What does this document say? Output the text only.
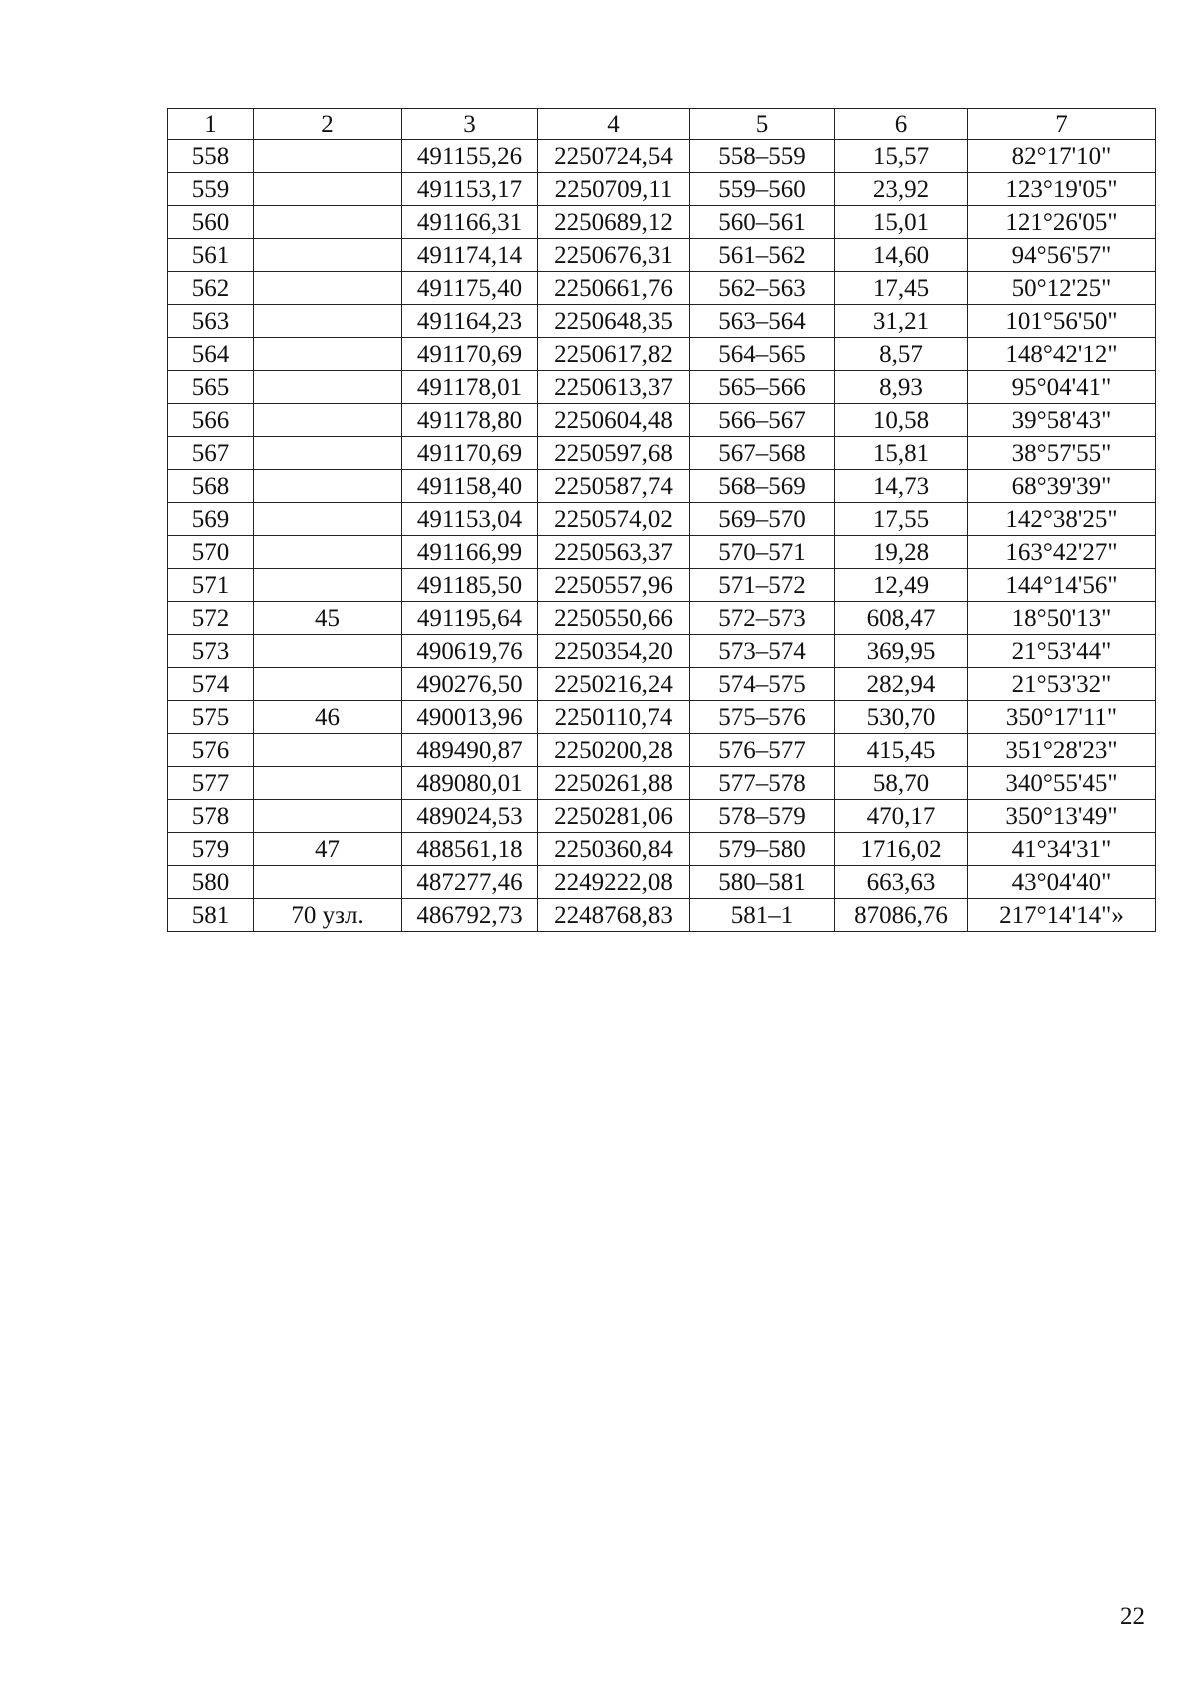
1	2	3	4	5	6	7
558		491155,26	2250724,54	558–559	15,57	82°17'10"
559		491153,17	2250709,11	559–560	23,92	123°19'05"
560		491166,31	2250689,12	560–561	15,01	121°26'05"
561		491174,14	2250676,31	561–562	14,60	94°56'57"
562		491175,40	2250661,76	562–563	17,45	50°12'25"
563		491164,23	2250648,35	563–564	31,21	101°56'50"
564		491170,69	2250617,82	564–565	8,57	148°42'12"
565		491178,01	2250613,37	565–566	8,93	95°04'41"
566		491178,80	2250604,48	566–567	10,58	39°58'43"
567		491170,69	2250597,68	567–568	15,81	38°57'55"
568		491158,40	2250587,74	568–569	14,73	68°39'39"
569		491153,04	2250574,02	569–570	17,55	142°38'25"
570		491166,99	2250563,37	570–571	19,28	163°42'27"
571		491185,50	2250557,96	571–572	12,49	144°14'56"
572	45	491195,64	2250550,66	572–573	608,47	18°50'13"
573		490619,76	2250354,20	573–574	369,95	21°53'44"
574		490276,50	2250216,24	574–575	282,94	21°53'32"
575	46	490013,96	2250110,74	575–576	530,70	350°17'11"
576		489490,87	2250200,28	576–577	415,45	351°28'23"
577		489080,01	2250261,88	577–578	58,70	340°55'45"
578		489024,53	2250281,06	578–579	470,17	350°13'49"
579	47	488561,18	2250360,84	579–580	1716,02	41°34'31"
580		487277,46	2249222,08	580–581	663,63	43°04'40"
581	70 узл.	486792,73	2248768,83	581–1	87086,76	217°14'14"»
22
